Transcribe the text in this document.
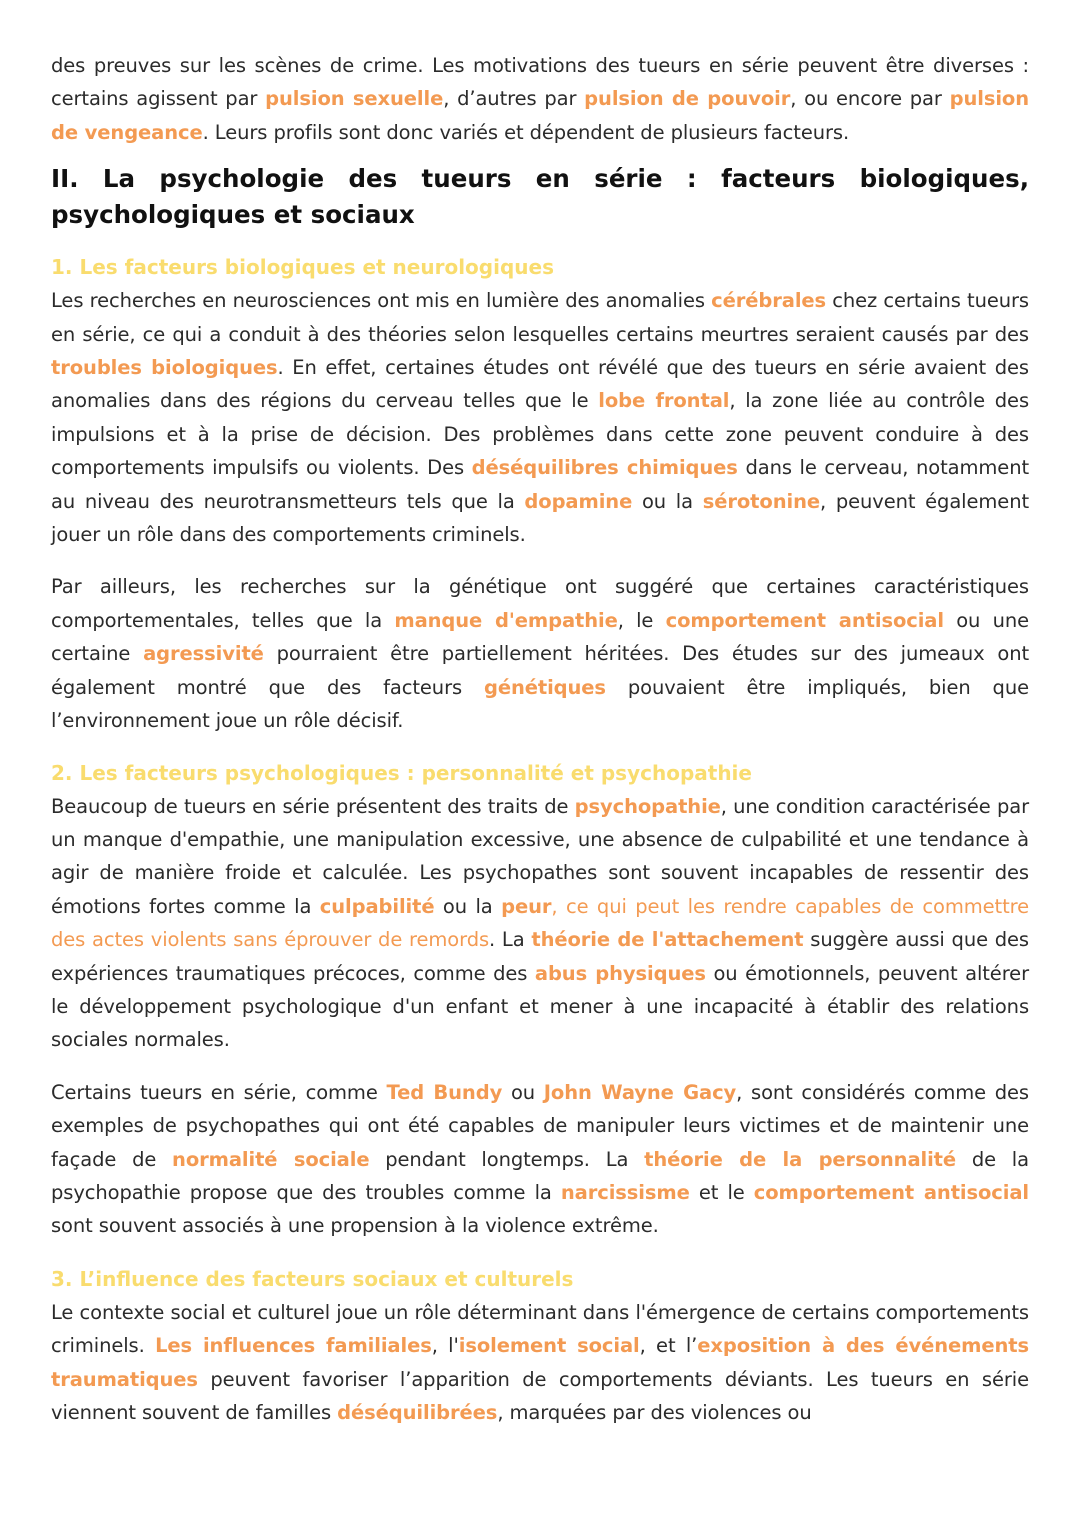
des preuves sur les scènes de crime. Les motivations des tueurs en série peuvent être diverses : certains agissent par pulsion sexuelle, d’autres par pulsion de pouvoir, ou encore par pulsion de vengeance. Leurs profils sont donc variés et dépendent de plusieurs facteurs.

II. La psychologie des tueurs en série : facteurs biologiques, psychologiques et sociaux
1. Les facteurs biologiques et neurologiques

Les recherches en neurosciences ont mis en lumière des anomalies cérébrales chez certains tueurs en série, ce qui a conduit à des théories selon lesquelles certains meurtres seraient causés par des troubles biologiques. En effet, certaines études ont révélé que des tueurs en série avaient des anomalies dans des régions du cerveau telles que le lobe frontal, la zone liée au contrôle des impulsions et à la prise de décision. Des problèmes dans cette zone peuvent conduire à des comportements impulsifs ou violents. Des déséquilibres chimiques dans le cerveau, notamment au niveau des neurotransmetteurs tels que la dopamine ou la sérotonine, peuvent également jouer un rôle dans des comportements criminels.

Par ailleurs, les recherches sur la génétique ont suggéré que certaines caractéristiques comportementales, telles que la manque d'empathie, le comportement antisocial ou une certaine agressivité pourraient être partiellement héritées. Des études sur des jumeaux ont également montré que des facteurs génétiques pouvaient être impliqués, bien que l’environnement joue un rôle décisif.

2. Les facteurs psychologiques : personnalité et psychopathie

Beaucoup de tueurs en série présentent des traits de psychopathie, une condition caractérisée par un manque d'empathie, une manipulation excessive, une absence de culpabilité et une tendance à agir de manière froide et calculée. Les psychopathes sont souvent incapables de ressentir des émotions fortes comme la culpabilité ou la peur, ce qui peut les rendre capables de commettre des actes violents sans éprouver de remords. La théorie de l'attachement suggère aussi que des expériences traumatiques précoces, comme des abus physiques ou émotionnels, peuvent altérer le développement psychologique d'un enfant et mener à une incapacité à établir des relations sociales normales.

Certains tueurs en série, comme Ted Bundy ou John Wayne Gacy, sont considérés comme des exemples de psychopathes qui ont été capables de manipuler leurs victimes et de maintenir une façade de normalité sociale pendant longtemps. La théorie de la personnalité de la psychopathie propose que des troubles comme la narcissisme et le comportement antisocial sont souvent associés à une propension à la violence extrême.

3. L’influence des facteurs sociaux et culturels

Le contexte social et culturel joue un rôle déterminant dans l'émergence de certains comportements criminels. Les influences familiales, l'isolement social, et l’exposition à des événements traumatiques peuvent favoriser l’apparition de comportements déviants. Les tueurs en série viennent souvent de familles déséquilibrées, marquées par des violences ou
